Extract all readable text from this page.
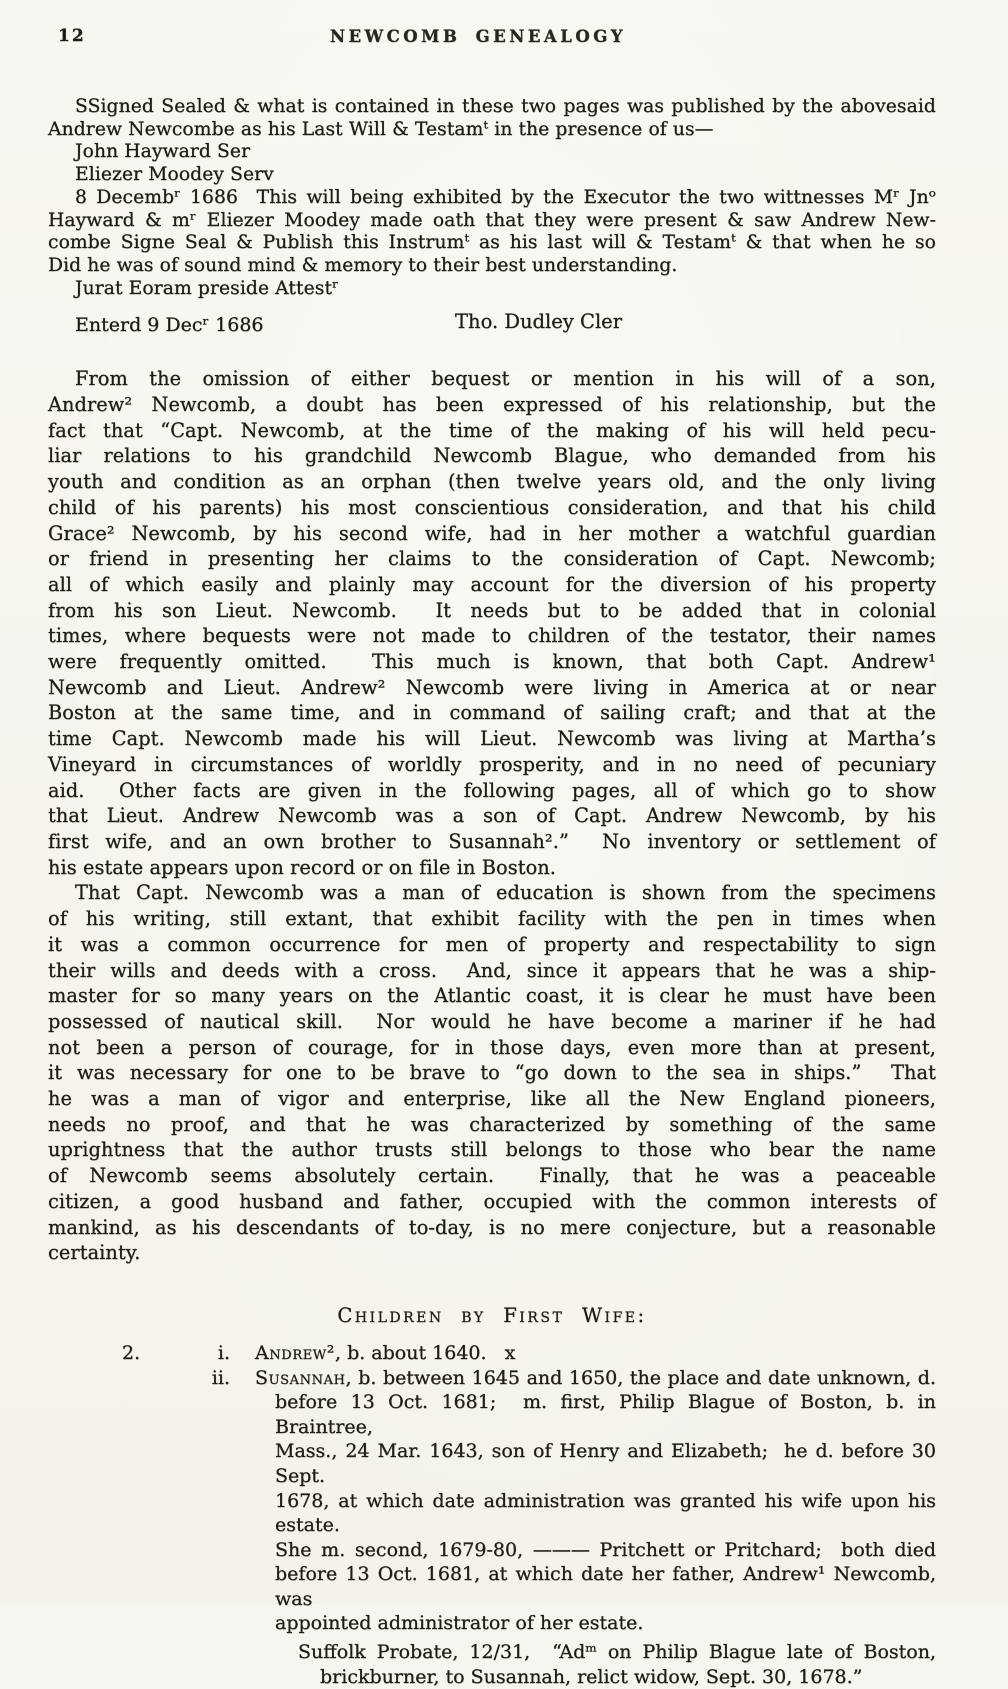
12	NEWCOMB GENEALOGY
SSigned Sealed & what is contained in these two pages was published by the abovesaid
Andrew Newcombe as his Last Will & Testamᵗ in the presence of us—
John Hayward Ser
Eliezer Moodey Serv
8 Decembʳ 1686  This will being exhibited by the Executor the two wittnesses Mʳ Jnᵒ
Hayward & mʳ Eliezer Moodey made oath that they were present & saw Andrew New-
combe Signe Seal & Publish this Instrumᵗ as his last will & Testamᵗ & that when he so
Did he was of sound mind & memory to their best understanding.
Jurat Eoram preside Attestʳ
Enterd 9 Decʳ 1686	Tho. Dudley Cler
From the omission of either bequest or mention in his will of a son,
Andrew² Newcomb, a doubt has been expressed of his relationship, but the
fact that “Capt. Newcomb, at the time of the making of his will held pecu-
liar relations to his grandchild Newcomb Blague, who demanded from his
youth and condition as an orphan (then twelve years old, and the only living
child of his parents) his most conscientious consideration, and that his child
Grace² Newcomb, by his second wife, had in her mother a watchful guardian
or friend in presenting her claims to the consideration of Capt. Newcomb;
all of which easily and plainly may account for the diversion of his property
from his son Lieut. Newcomb.  It needs but to be added that in colonial
times, where bequests were not made to children of the testator, their names
were frequently omitted.  This much is known, that both Capt. Andrew¹
Newcomb and Lieut. Andrew² Newcomb were living in America at or near
Boston at the same time, and in command of sailing craft; and that at the
time Capt. Newcomb made his will Lieut. Newcomb was living at Martha’s
Vineyard in circumstances of worldly prosperity, and in no need of pecuniary
aid.  Other facts are given in the following pages, all of which go to show
that Lieut. Andrew Newcomb was a son of Capt. Andrew Newcomb, by his
first wife, and an own brother to Susannah².”  No inventory or settlement of
his estate appears upon record or on file in Boston.
That Capt. Newcomb was a man of education is shown from the specimens
of his writing, still extant, that exhibit facility with the pen in times when
it was a common occurrence for men of property and respectability to sign
their wills and deeds with a cross.  And, since it appears that he was a ship-
master for so many years on the Atlantic coast, it is clear he must have been
possessed of nautical skill.  Nor would he have become a mariner if he had
not been a person of courage, for in those days, even more than at present,
it was necessary for one to be brave to “go down to the sea in ships.”  That
he was a man of vigor and enterprise, like all the New England pioneers,
needs no proof, and that he was characterized by something of the same
uprightness that the author trusts still belongs to those who bear the name
of Newcomb seems absolutely certain.  Finally, that he was a peaceable
citizen, a good husband and father, occupied with the common interests of
mankind, as his descendants of to-day, is no mere conjecture, but a reasonable
certainty.
Children by First Wife:
2.	i.	Andrew², b. about 1640.   x
ii.	Susannah, b. between 1645 and 1650, the place and date unknown, d.
before 13 Oct. 1681;  m. first, Philip Blague of Boston, b. in Braintree,
Mass., 24 Mar. 1643, son of Henry and Elizabeth;  he d. before 30 Sept.
1678, at which date administration was granted his wife upon his estate.
She m. second, 1679-80, ——— Pritchett or Pritchard;  both died
before 13 Oct. 1681, at which date her father, Andrew¹ Newcomb, was
appointed administrator of her estate.
Suffolk Probate, 12/31,  “Adᵐ on Philip Blague late of Boston,
brickburner, to Susannah, relict widow, Sept. 30, 1678.”
